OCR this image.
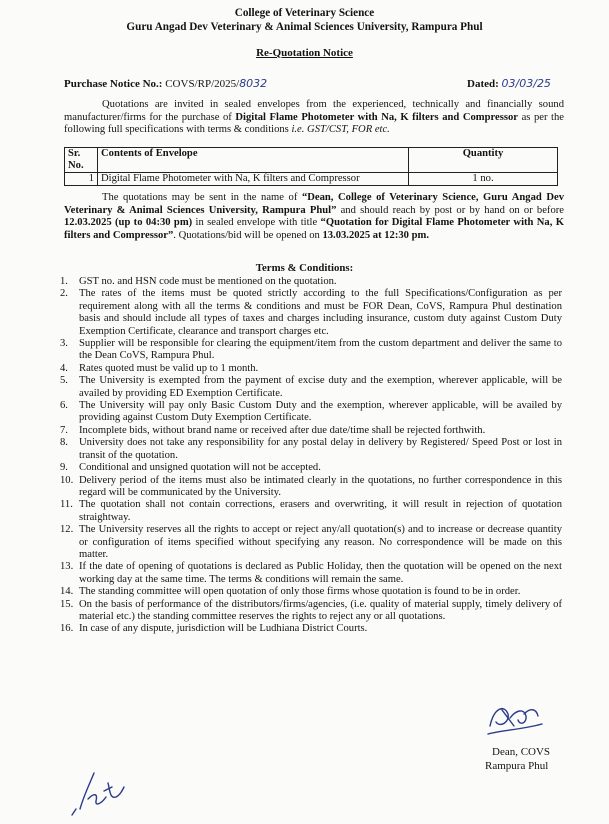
College of Veterinary Science
Guru Angad Dev Veterinary & Animal Sciences University, Rampura Phul
Re-Quotation Notice
Purchase Notice No.: COVS/RP/2025/8032	Dated: 03/03/25
Quotations are invited in sealed envelopes from the experienced, technically and financially sound manufacturer/firms for the purchase of Digital Flame Photometer with Na, K filters and Compressor as per the following full specifications with terms & conditions i.e. GST/CST, FOR etc.
Sr. No.	Contents of Envelope	Quantity
1	Digital Flame Photometer with Na, K filters and Compressor	1 no.
The quotations may be sent in the name of “Dean, College of Veterinary Science, Guru Angad Dev Veterinary & Animal Sciences University, Rampura Phul” and should reach by post or by hand on or before 12.03.2025 (up to 04:30 pm) in sealed envelope with title “Quotation for Digital Flame Photometer with Na, K filters and Compressor”. Quotations/bid will be opened on 13.03.2025 at 12:30 pm.
Terms & Conditions:
1. GST no. and HSN code must be mentioned on the quotation.
2. The rates of the items must be quoted strictly according to the full Specifications/Configuration as per requirement along with all the terms & conditions and must be FOR Dean, CoVS, Rampura Phul destination basis and should include all types of taxes and charges including insurance, custom duty against Custom Duty Exemption Certificate, clearance and transport charges etc.
3. Supplier will be responsible for clearing the equipment/item from the custom department and deliver the same to the Dean CoVS, Rampura Phul.
4. Rates quoted must be valid up to 1 month.
5. The University is exempted from the payment of excise duty and the exemption, wherever applicable, will be availed by providing ED Exemption Certificate.
6. The University will pay only Basic Custom Duty and the exemption, wherever applicable, will be availed by providing against Custom Duty Exemption Certificate.
7. Incomplete bids, without brand name or received after due date/time shall be rejected forthwith.
8. University does not take any responsibility for any postal delay in delivery by Registered/ Speed Post or lost in transit of the quotation.
9. Conditional and unsigned quotation will not be accepted.
10. Delivery period of the items must also be intimated clearly in the quotations, no further correspondence in this regard will be communicated by the University.
11. The quotation shall not contain corrections, erasers and overwriting, it will result in rejection of quotation straightway.
12. The University reserves all the rights to accept or reject any/all quotation(s) and to increase or decrease quantity or configuration of items specified without specifying any reason. No correspondence will be made on this matter.
13. If the date of opening of quotations is declared as Public Holiday, then the quotation will be opened on the next working day at the same time. The terms & conditions will remain the same.
14. The standing committee will open quotation of only those firms whose quotation is found to be in order.
15. On the basis of performance of the distributors/firms/agencies, (i.e. quality of material supply, timely delivery of material etc.) the standing committee reserves the rights to reject any or all quotations.
16. In case of any dispute, jurisdiction will be Ludhiana District Courts.
Dean, COVS
Rampura Phul
